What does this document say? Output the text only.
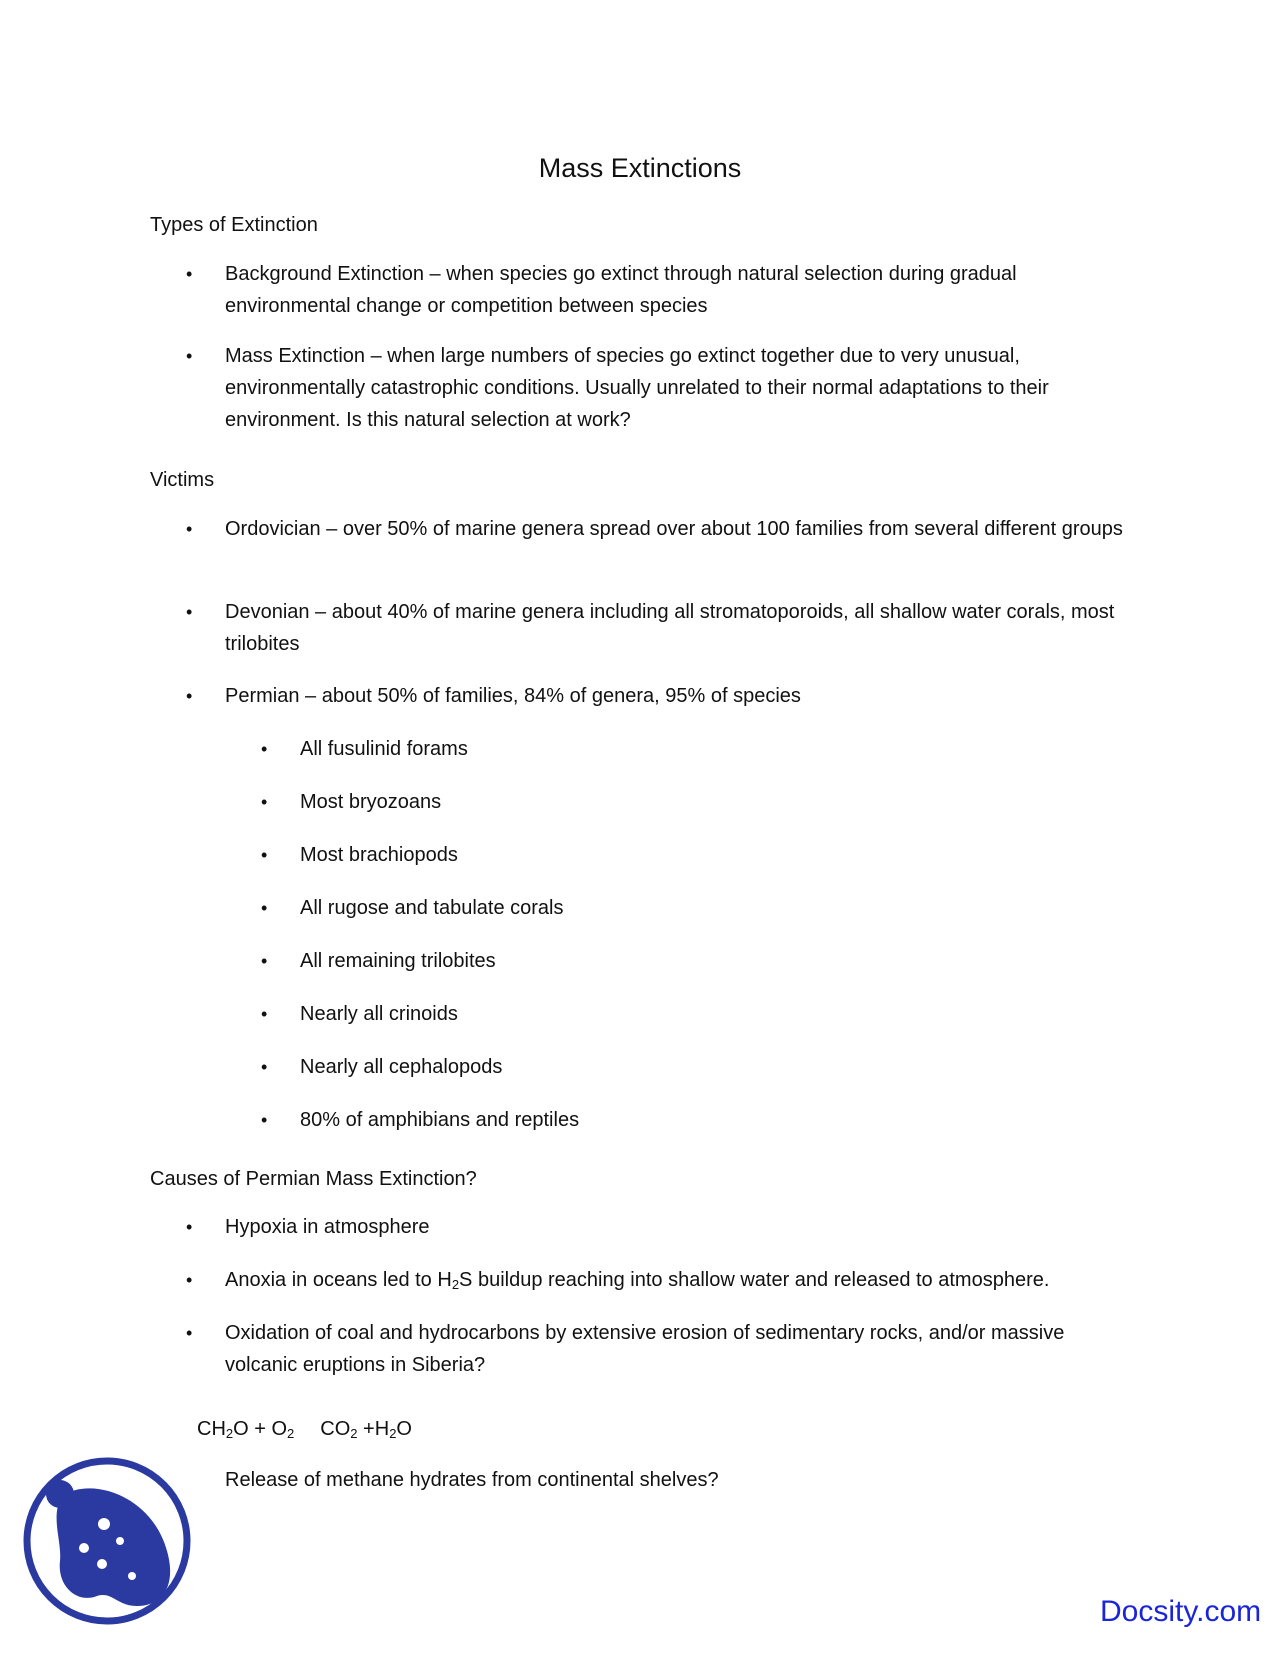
Mass Extinctions
Types of Extinction
• Background Extinction – when species go extinct through natural selection during gradual environmental change or competition between species
• Mass Extinction – when large numbers of species go extinct together due to very unusual, environmentally catastrophic conditions. Usually unrelated to their normal adaptations to their environment. Is this natural selection at work?
Victims
• Ordovician – over 50% of marine genera spread over about 100 families from several different groups
• Devonian – about 40% of marine genera including all stromatoporoids, all shallow water corals, most trilobites
• Permian – about 50% of families, 84% of genera, 95% of species
• All fusulinid forams
• Most bryozoans
• Most brachiopods
• All rugose and tabulate corals
• All remaining trilobites
• Nearly all crinoids
• Nearly all cephalopods
• 80% of amphibians and reptiles
Causes of Permian Mass Extinction?
• Hypoxia in atmosphere
• Anoxia in oceans led to $H_2S$ buildup reaching into shallow water and released to atmosphere.
• Oxidation of coal and hydrocarbons by extensive erosion of sedimentary rocks, and/or massive volcanic eruptions in Siberia?
$CH_2O + O_2$ $CO_2 +H_2O$
Release of methane hydrates from continental shelves?
Docsity.com
